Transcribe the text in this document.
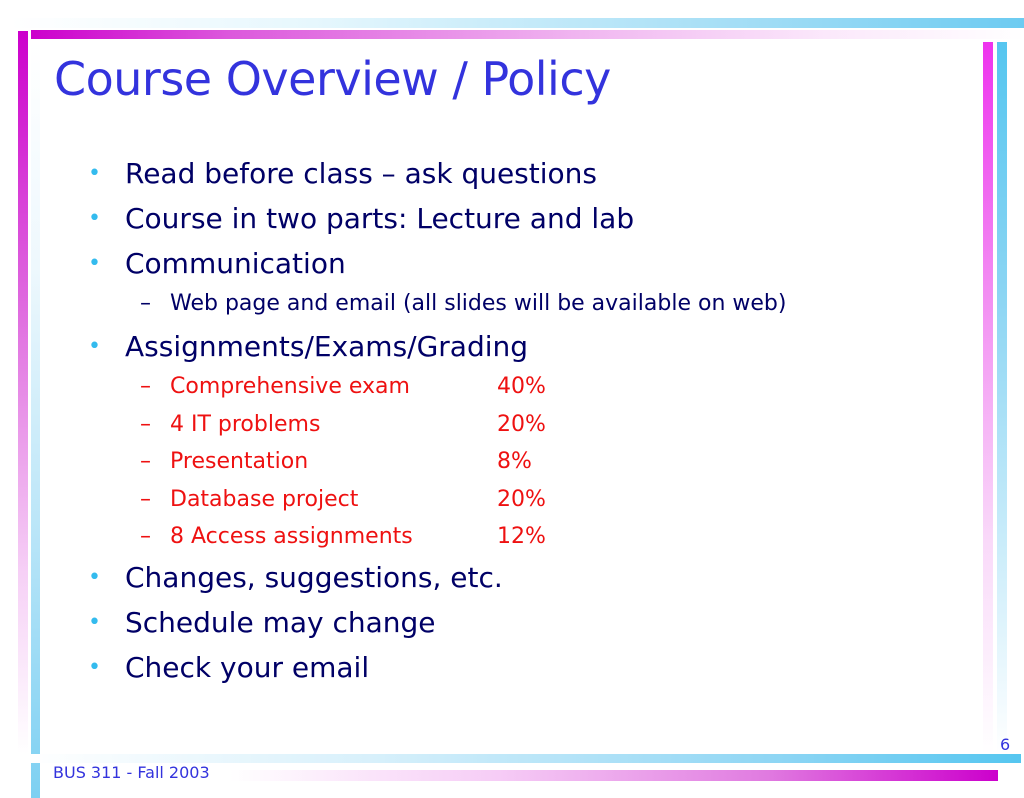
Course Overview / Policy
• Read before class – ask questions
• Course in two parts: Lecture and lab
• Communication
– Web page and email (all slides will be available on web)
• Assignments/Exams/Grading
– Comprehensive exam	40%
– 4 IT problems	20%
– Presentation	8%
– Database project	20%
– 8 Access assignments	12%
• Changes, suggestions, etc.
• Schedule may change
• Check your email
BUS 311 - Fall 2003
6
